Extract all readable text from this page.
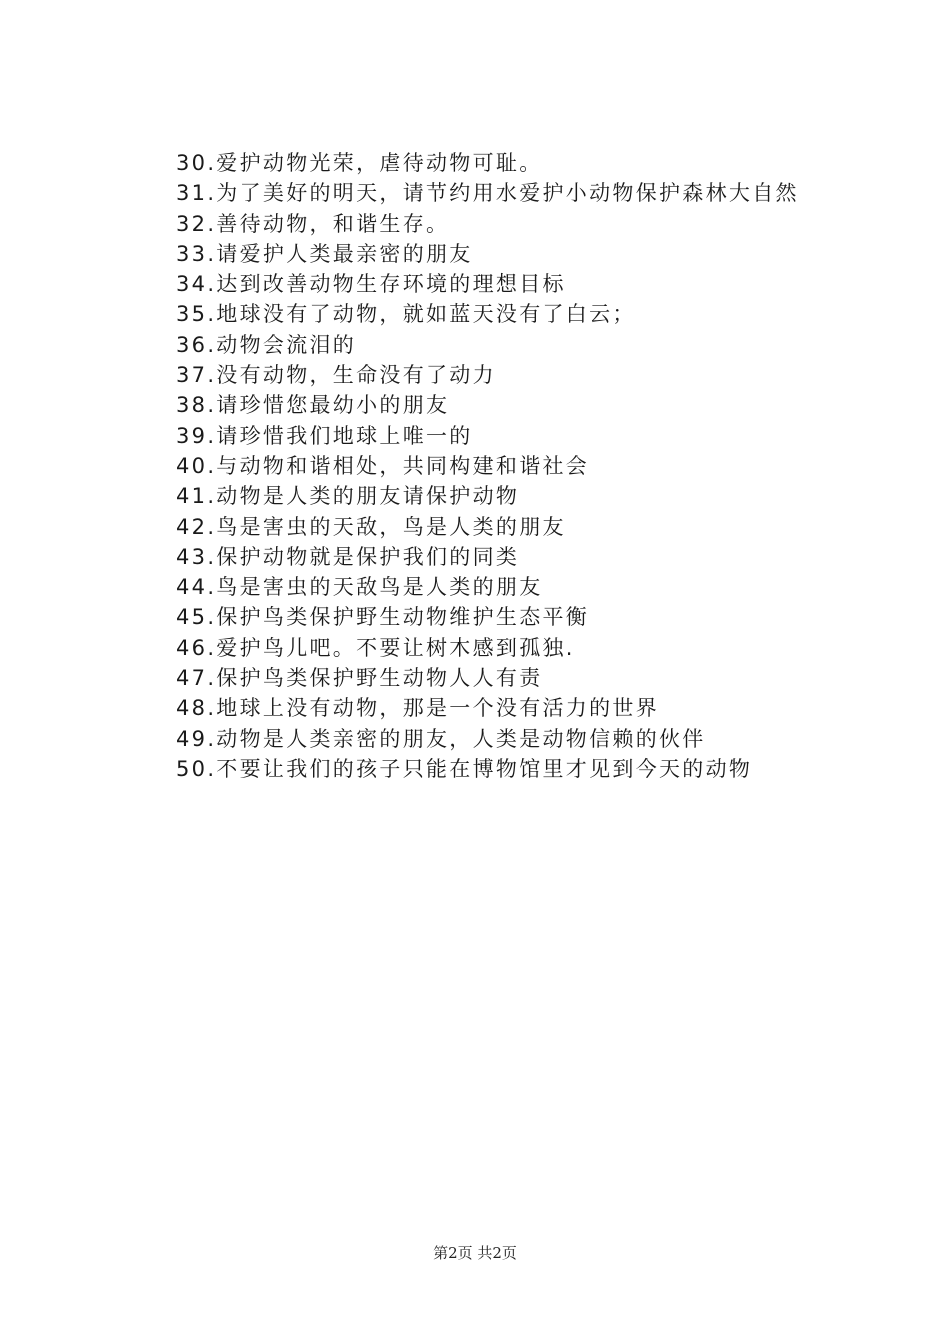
30.爱护动物光荣，虐待动物可耻。
31.为了美好的明天，请节约用水爱护小动物保护森林大自然
32.善待动物，和谐生存。
33.请爱护人类最亲密的朋友
34.达到改善动物生存环境的理想目标
35.地球没有了动物，就如蓝天没有了白云；
36.动物会流泪的
37.没有动物，生命没有了动力
38.请珍惜您最幼小的朋友
39.请珍惜我们地球上唯一的
40.与动物和谐相处，共同构建和谐社会
41.动物是人类的朋友请保护动物
42.鸟是害虫的天敌，鸟是人类的朋友
43.保护动物就是保护我们的同类
44.鸟是害虫的天敌鸟是人类的朋友
45.保护鸟类保护野生动物维护生态平衡
46.爱护鸟儿吧。不要让树木感到孤独.
47.保护鸟类保护野生动物人人有责
48.地球上没有动物，那是一个没有活力的世界
49.动物是人类亲密的朋友，人类是动物信赖的伙伴
50.不要让我们的孩子只能在博物馆里才见到今天的动物
第2页 共2页
